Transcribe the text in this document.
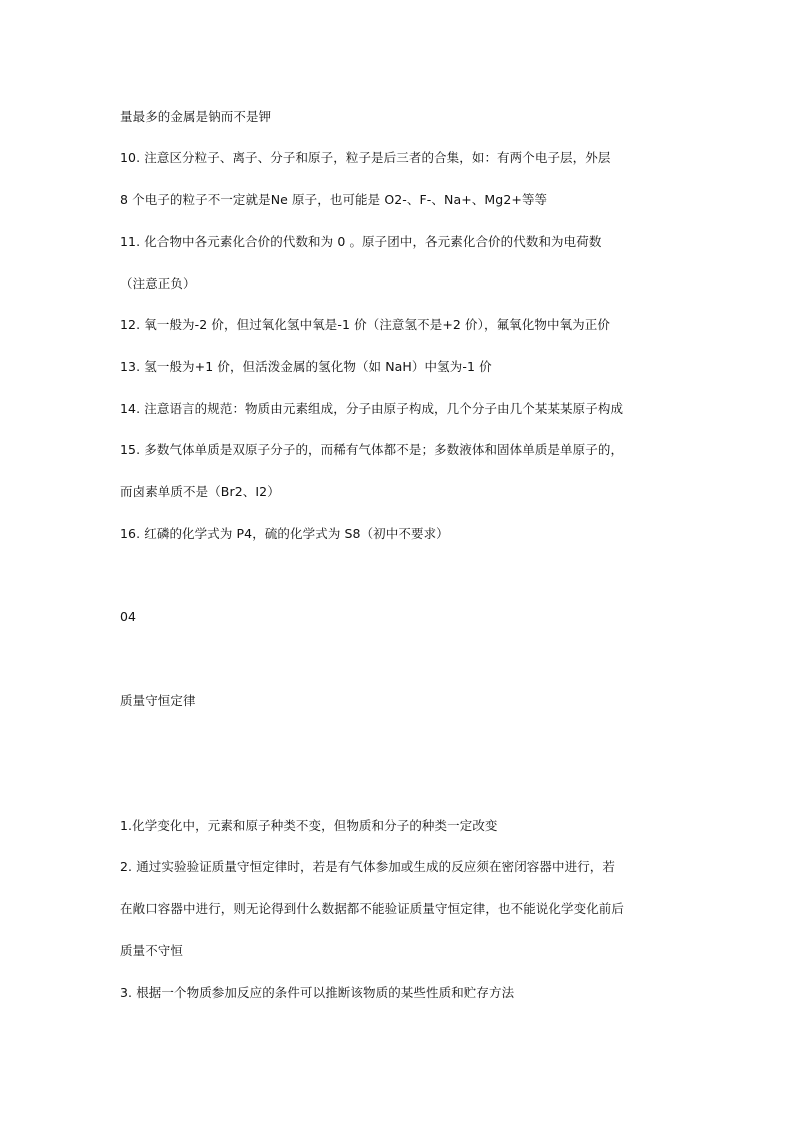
量最多的金属是钠而不是钾
10. 注意区分粒子、离子、分子和原子，粒子是后三者的合集，如：有两个电子层，外层
8 个电子的粒子不一定就是Ne 原子，也可能是 O2-、F-、Na+、Mg2+等等
11. 化合物中各元素化合价的代数和为 0 。原子团中，各元素化合价的代数和为电荷数
（注意正负）
12. 氧一般为-2 价，但过氧化氢中氧是-1 价（注意氢不是+2 价），氟氧化物中氧为正价
13. 氢一般为+1 价，但活泼金属的氢化物（如 NaH）中氢为-1 价
14. 注意语言的规范：物质由元素组成，分子由原子构成，几个分子由几个某某某原子构成
15. 多数气体单质是双原子分子的，而稀有气体都不是；多数液体和固体单质是单原子的，
而卤素单质不是（Br2、I2）
16. 红磷的化学式为 P4，硫的化学式为 S8（初中不要求）
04
质量守恒定律
1.化学变化中，元素和原子种类不变，但物质和分子的种类一定改变
2. 通过实验验证质量守恒定律时，若是有气体参加或生成的反应须在密闭容器中进行，若
在敞口容器中进行，则无论得到什么数据都不能验证质量守恒定律，也不能说化学变化前后
质量不守恒
3. 根据一个物质参加反应的条件可以推断该物质的某些性质和贮存方法
